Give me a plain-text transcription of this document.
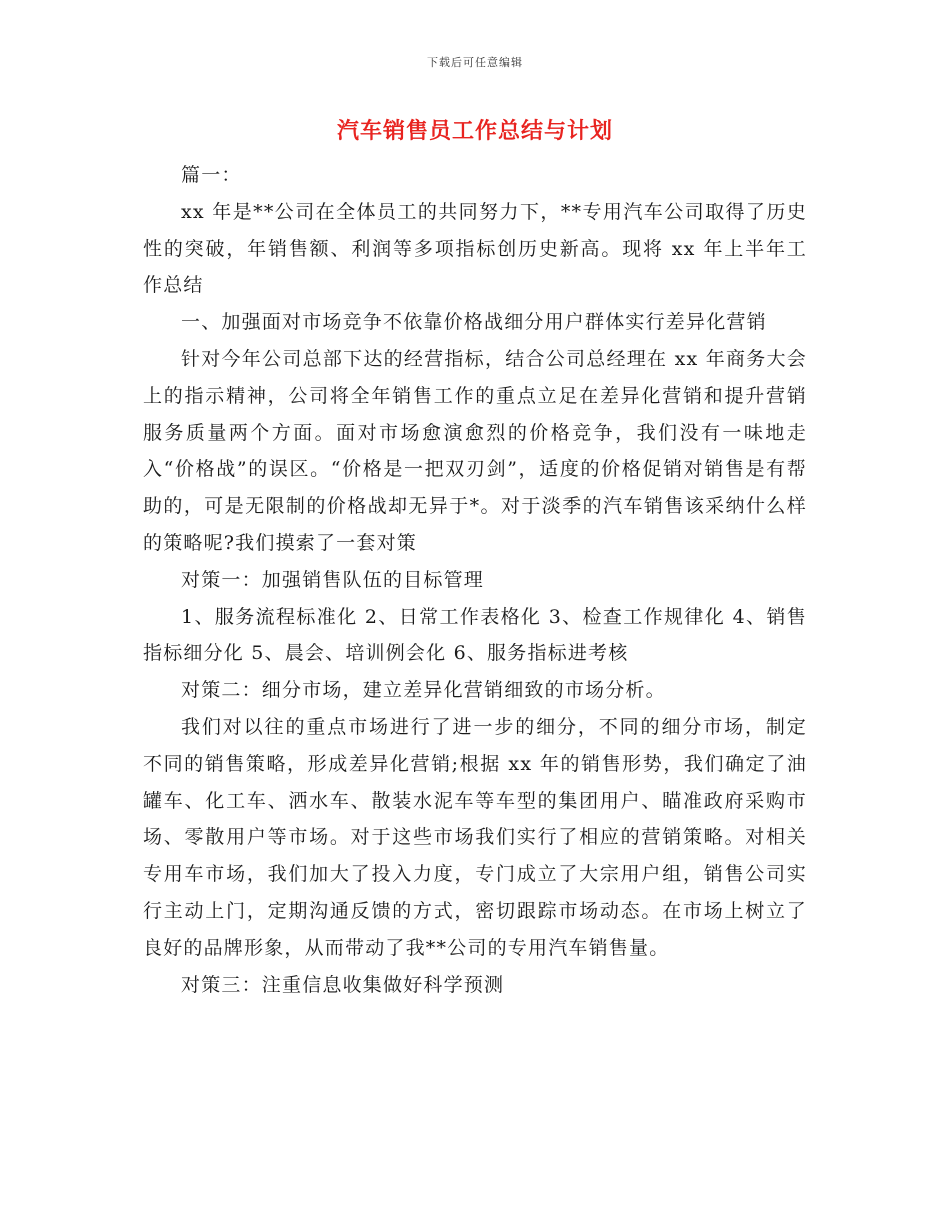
下载后可任意编辑
汽车销售员工作总结与计划

篇一：

xx 年是**公司在全体员工的共同努力下，**专用汽车公司取得了历史性的突破，年销售额、利润等多项指标创历史新高。现将 xx 年上半年工作总结

一、加强面对市场竞争不依靠价格战细分用户群体实行差异化营销

针对今年公司总部下达的经营指标，结合公司总经理在 xx 年商务大会上的指示精神，公司将全年销售工作的重点立足在差异化营销和提升营销服务质量两个方面。面对市场愈演愈烈的价格竞争，我们没有一味地走入“价格战”的误区。“价格是一把双刃剑”，适度的价格促销对销售是有帮助的，可是无限制的价格战却无异于*。对于淡季的汽车销售该采纳什么样的策略呢?我们摸索了一套对策

对策一：加强销售队伍的目标管理

1、服务流程标准化 2、日常工作表格化 3、检查工作规律化 4、销售指标细分化 5、晨会、培训例会化 6、服务指标进考核

对策二：细分市场，建立差异化营销细致的市场分析。

我们对以往的重点市场进行了进一步的细分，不同的细分市场，制定不同的销售策略，形成差异化营销;根据 xx 年的销售形势，我们确定了油罐车、化工车、洒水车、散装水泥车等车型的集团用户、瞄准政府采购市场、零散用户等市场。对于这些市场我们实行了相应的营销策略。对相关专用车市场，我们加大了投入力度，专门成立了大宗用户组，销售公司实行主动上门，定期沟通反馈的方式，密切跟踪市场动态。在市场上树立了良好的品牌形象，从而带动了我**公司的专用汽车销售量。

对策三：注重信息收集做好科学预测
